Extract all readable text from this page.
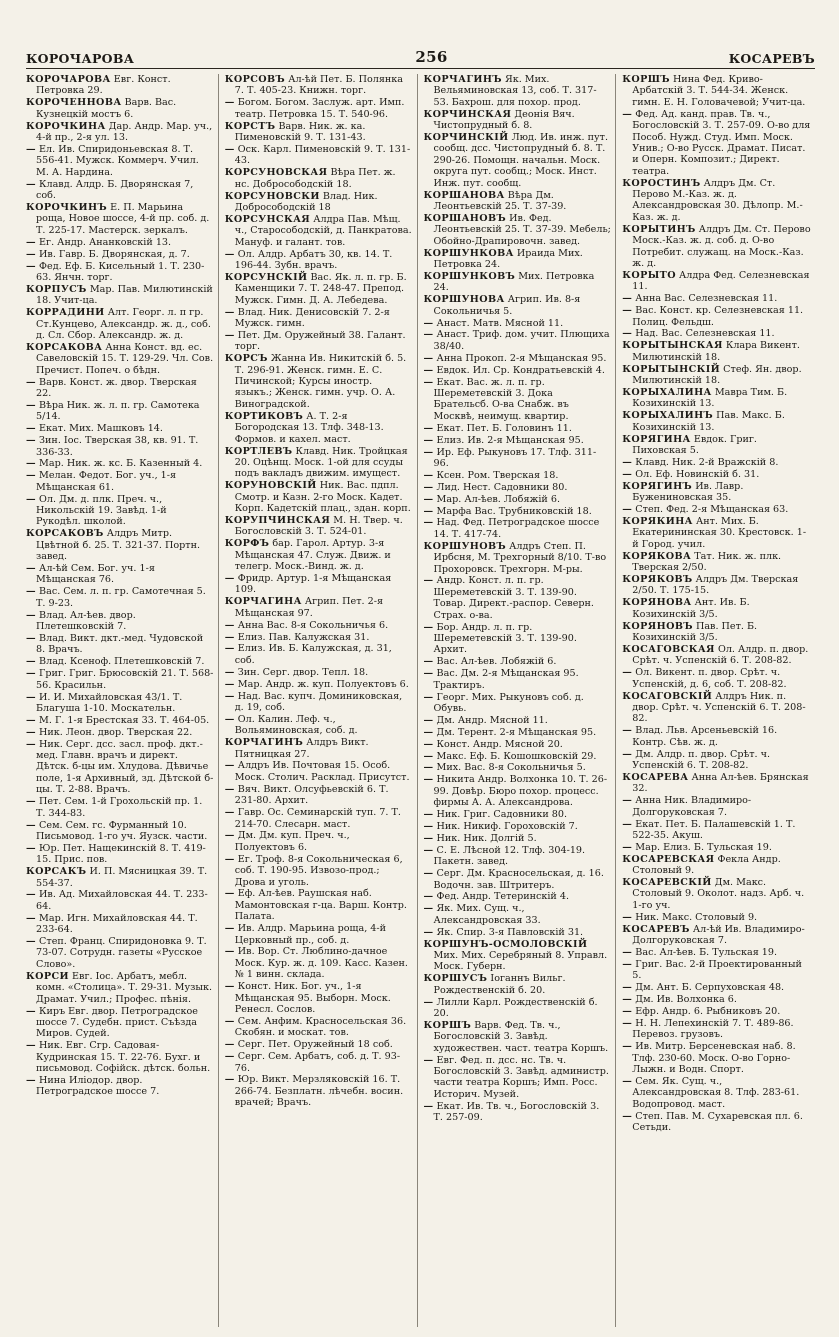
КОРОЧАРОВА	256	КОСАРЕВЪ
КОРОЧАРОВА Евг. Конст. Петровка 29.
КОРОЧЕННОВА Варв. Вас. Кузнецкій мостъ 6.
КОРОЧКИНА Дар. Андр. Мар. уч., 4-й пр., 2-я ул. 13.
— Ел. Ив. Спиридоньевская 8. Т. 556-41. Мужск. Коммерч. Учил. М. А. Нардина.
— Клавд. Алдр. Б. Дворянская 7, соб.
КОРОЧКИНЪ Е. П. Марьина роща, Новое шоссе, 4-й пр. соб. д. Т. 225-17. Мастерск. зеркалъ.
— Ег. Андр. Ананковскій 13.
— Ив. Гавр. Б. Дворянская, д. 7.
— Фед. Еф. Б. Кисельный 1. Т. 230-63. Янчн. торг.
КОРПУСЪ Мар. Пав. Милютинскій 18. Учит-ца.
КОРРАДИНИ Алт. Георг. л. п гр. Ст.Кунцево, Александр. ж. д., соб. д. Сл. Сбор. Александр. ж. д.
КОРСАКОВА Анна Конст. вд. ес. Савеловскій 15. Т. 129-29. Чл. Сов. Пречист. Попеч. о бѣдн.
— Варв. Конст. ж. двор. Тверская 22.
— Вѣра Ник. ж. л. п. гр. Самотека 5/14.
— Екат. Мих. Машковъ 14.
— Зин. Іос. Тверская 38, кв. 91. Т. 336-33.
— Мар. Ник. ж. кс. Б. Казенный 4.
— Мелан. Федот. Бог. уч., 1-я Мѣщанская 61.
— Ол. Дм. д. плк. Преч. ч., Никольскій 19. Завѣд. 1-й Рукодѣл. школой.
КОРСАКОВЪ Алдръ Митр. Цвѣтной б. 25. Т. 321-37. Портн. завед.
— Ал-ѣй Сем. Бог. уч. 1-я Мѣщанская 76.
— Вас. Сем. л. п. гр. Самотечная 5. Т. 9-23.
— Влад. Ал-ѣев. двор. Плетешковскій 7.
— Влад. Викт. дкт.-мед. Чудовской 8. Врачъ.
— Влад. Ксеноф. Плетешковскій 7.
— Григ. Григ. Брюсовскій 21. Т. 568-56. Красильн.
— И. И. Михайловская 43/1. Т. Благуша 1-10. Москательн.
— М. Г. 1-я Брестская 33. Т. 464-05.
— Ник. Леон. двор. Тверская 22.
— Ник. Серг. дсс. засл. проф. дкт.-мед. Главн. врачъ и директ. Дѣтск. б-цы им. Хлудова. Дѣвичье поле, 1-я Архивный, зд. Дѣтской б-цы. Т. 2-88. Врачъ.
— Пет. Сем. 1-й Грохольскій пр. 1. Т. 344-83.
— Сем. Сем. гс. Фурманный 10. Письмовод. 1-го уч. Яузск. части.
— Юр. Пет. Нащекинскій 8. Т. 419-15. Прис. пов.
КОРСАКЪ И. П. Мясницкая 39. Т. 554-37.
— Ив. Ад. Михайловская 44. Т. 233-64.
— Мар. Игн. Михайловская 44. Т. 233-64.
— Степ. Франц. Спиридоновка 9. Т. 73-07. Сотрудн. газеты «Русское Слово».
КОРСИ Евг. Іос. Арбатъ, мебл. комн. «Столица». Т. 29-31. Музык. Драмат. Учил.; Профес. пѣнія.
— Киръ Евг. двор. Петроградское шоссе 7. Судебн. прист. Съѣзда Миров. Судей.
— Ник. Евг. Сгр. Садовая-Кудринская 15. Т. 22-76. Бухг. и письмовод. Софійск. дѣтск. больн.
— Нина Иліодор. двор. Петроградское шоссе 7.
КОРСОВЪ Ал-ѣй Пет. Б. Полянка 7. Т. 405-23. Книжн. торг.
— Богом. Богом. Заслуж. арт. Имп. театр. Петровка 15. Т. 540-96.
КОРСТЪ Варв. Ник. ж. ка. Пименовскій 9. Т. 131-43.
— Оск. Карл. Пименовскій 9. Т. 131-43.
КОРСУНОВСКАЯ Вѣра Пет. ж. нс. Добросободскій 18.
КОРСУНОВСКИ Влад. Ник. Добросободскій 18
КОРСУНСКАЯ Алдра Пав. Мѣщ. ч., Старосободскій, д. Панкратова. Мануф. и галант. тов.
— Ол. Алдр. Арбатъ 30, кв. 14. Т. 196-44. Зубн. врачъ.
КОРСУНСКІЙ Вас. Як. л. п. гр. Б. Каменщики 7. Т. 248-47. Препод. Мужск. Гимн. Д. А. Лебедева.
— Влад. Ник. Денисовскій 7. 2-я Мужск. гимн.
— Пет. Дм. Оружейный 38. Галант. торг.
КОРСЪ Жанна Ив. Никитскій б. 5. Т. 296-91. Женск. гимн. Е. С. Пичинской; Курсы иностр. языкъ.; Женск. гимн. учр. О. А. Виноградской.
КОРТИКОВЪ А. Т. 2-я Богородская 13. Тлф. 348-13. Формов. и кахел. маст.
КОРТЛЕВЪ Клавд. Ник. Тройцкая 20. Оцѣнщ. Моск. 1-ой для ссуды подъ вакладъ движим. имущест.
КОРУНОВСКІЙ Ник. Вас. пдпл. Смотр. и Казн. 2-го Моск. Кадет. Корп. Кадетскій плац., здан. корп.
КОРУПЧИНСКАЯ М. Н. Твер. ч. Богословскій 3. Т. 524-01.
КОРФЪ бар. Гарол. Артур. 3-я Мѣщанская 47. Служ. Движ. и телегр. Моск.-Винд. ж. д.
— Фридр. Артур. 1-я Мѣщанская 109.
КОРЧАГИНА Агрип. Пет. 2-я Мѣщанская 97.
— Анна Вас. 8-я Сокольничья 6.
— Елиз. Пав. Калужская 31.
— Елиз. Ив. Б. Калужская, д. 31, соб.
— Зин. Серг. двор. Тепл. 18.
— Мар. Андр. ж. куп. Полуектовъ 6.
— Над. Вас. купч. Доминиковская, д. 19, соб.
— Ол. Калин. Леф. ч., Вольяминовская, соб. д.
КОРЧАГИНЪ Алдръ Викт. Пятницкая 27.
— Алдръ Ив. Почтовая 15. Особ. Моск. Столич. Расклад. Присутст.
— Вяч. Викт. Олсуфьевскій 6. Т. 231-80. Архит.
— Гавр. Ос. Семинарскій туп. 7. Т. 214-70. Слесарн. маст.
— Дм. Дм. куп. Преч. ч., Полуектовъ 6.
— Ег. Троф. 8-я Сокольническая 6, соб. Т. 190-95. Извозо-прод.; Дрова и уголь.
— Еф. Ал-ѣев. Раушская наб. Мамонтовская г-ца. Варш. Контр. Палата.
— Ив. Алдр. Марьина роща, 4-й Церковный пр., соб. д.
— Ив. Вор. Ст. Люблино-дачное Моск. Кур. ж. д. 109. Касс. Казен. № 1 винн. склада.
— Конст. Ник. Бог. уч., 1-я Мѣщанская 95. Выборн. Моск. Ренесл. Сослов.
— Сем. Анфим. Красносельская 36. Скобян. и москат. тов.
— Серг. Пет. Оружейный 18 соб.
— Серг. Сем. Арбатъ, соб. д. Т. 93-76.
— Юр. Викт. Мерзляковскій 16. Т. 266-74. Безплатн. лѣчебн. восин. врачей; Врачъ.
КОРЧАГИНЪ Як. Мих. Вельяминовская 13, соб. Т. 317-53. Бахрош. для похор. прод.
КОРЧИНСКАЯ Деонія Вяч. Чистопрудный б. 8.
КОРЧИНСКІЙ Люд. Ив. инж. пут. сообщ. дсс. Чистопрудный б. 8. Т. 290-26. Помощн. начальн. Моск. округа пут. сообщ.; Моск. Инст. Инж. пут. сообщ.
КОРШАНОВА Вѣра Дм. Леонтьевскій 25. Т. 37-39.
КОРШАНОВЪ Ив. Фед. Леонтьевскій 25. Т. 37-39. Мебель; Обойно-Драпировочн. завед.
КОРШУНКОВА Ираида Мих. Петровка 24.
КОРШУНКОВЪ Мих. Петровка 24.
КОРШУНОВА Агрип. Ив. 8-я Сокольничья 5.
— Анаст. Матв. Мясной 11.
— Анаст. Триф. дом. учит. Плющиха 38/40.
— Анна Прокоп. 2-я Мѣщанская 95.
— Евдок. Ил. Ср. Кондратьевскій 4.
— Екат. Вас. ж. л. п. гр. Шереметевскій 3. Дока Брательсб. О-ва Снабж. въ Москвѣ, неимущ. квартир.
— Екат. Пет. Б. Головинъ 11.
— Елиз. Ив. 2-я Мѣщанская 95.
— Ир. Еф. Рыкуновъ 17. Тлф. 311-96.
— Ксен. Ром. Тверская 18.
— Лид. Нест. Садовники 80.
— Мар. Ал-ѣев. Лобяжій 6.
— Марфа Вас. Трубниковскій 18.
— Над. Фед. Петроградское шоссе 14. Т. 417-74.
КОРШУНОВЪ Алдръ Степ. П. Ирбсня, М. Трехгорный 8/10. Т-во Прохоровск. Трехгорн. М-ры.
— Андр. Конст. л. п. гр. Шереметевскій 3. Т. 139-90. Товар. Директ.-распор. Северн. Страх. о-ва.
— Бор. Андр. л. п. гр. Шереметевскій 3. Т. 139-90. Архит.
— Вас. Ал-ѣев. Лобяжій 6.
— Вас. Дм. 2-я Мѣщанская 95. Трактиръ.
— Георг. Мих. Рыкуновъ соб. д. Обувь.
— Дм. Андр. Мясной 11.
— Дм. Терент. 2-я Мѣщанская 95.
— Конст. Андр. Мясной 20.
— Макс. Еф. Б. Кошошковскій 29.
— Мих. Вас. 8-я Сокольничья 5.
— Никита Андр. Волхонка 10. Т. 26-99. Довѣр. Бюро похор. процесс. фирмы А. А. Александрова.
— Ник. Григ. Садовники 80.
— Ник. Никиф. Гороховскій 7.
— Ник. Ник. Долгій 5.
— С. Е. Лѣсной 12. Тлф. 304-19. Пакетн. завед.
— Серг. Дм. Красносельская, д. 16. Водочн. зав. Штритеръ.
— Фед. Андр. Тетеринскій 4.
— Як. Мих. Сущ. ч., Александровская 33.
— Як. Спир. 3-я Павловскій 31.
КОРШУНЪ-ОСМОЛОВСКІЙ Мих. Мих. Серебряный 8. Управл. Моск. Губерн.
КОРШУСЪ Іоганнъ Вильг. Рождественскій б. 20.
— Лилли Карл. Рождественскій б. 20.
КОРШЪ Варв. Фед. Тв. ч., Богословскій 3. Завѣд. художествен. част. театра Коршъ.
— Евг. Фед. п. дсс. нс. Тв. ч. Богословскій 3. Завѣд. администр. части театра Коршъ; Имп. Росс. Историч. Музей.
— Екат. Ив. Тв. ч., Богословскій 3. Т. 257-09.
КОРШЪ Нина Фед. Криво-Арбатскій 3. Т. 544-34. Женск. гимн. Е. Н. Головачевой; Учит-ца.
— Фед. Ад. канд. прав. Тв. ч., Богословскій 3. Т. 257-09. О-во для Пособ. Нужд. Студ. Имп. Моск. Унив.; О-во Русск. Драмат. Писат. и Оперн. Композит.; Директ. театра.
КОРОСТИНЪ Алдръ Дм. Ст. Перово М.-Каз. ж. д. Александровская 30. Дѣлопр. М.-Каз. ж. д.
КОРЫТИНЪ Алдръ Дм. Ст. Перово Моск.-Каз. ж. д. соб. д. О-во Потребит. служащ. на Моск.-Каз. ж. д.
КОРЫТО Алдра Фед. Селезневская 11.
— Анна Вас. Селезневская 11.
— Вас. Конст. кр. Селезневская 11. Полиц. Фельдш.
— Над. Вас. Селезневская 11.
КОРЫТЫНСКАЯ Клара Викент. Милютинскій 18.
КОРЫТЫНСКІЙ Стеф. Ян. двор. Милютинскій 18.
КОРЫХАЛИНА Мавра Тим. Б. Козихинскій 13.
КОРЫХАЛИНЪ Пав. Макс. Б. Козихинскій 13.
КОРЯГИНА Евдок. Григ. Пиховская 5.
— Клавд. Ник. 2-й Вражскій 8.
— Ол. Еф. Новинскій б. 31.
КОРЯГИНЪ Ив. Лавр. Бужениновская 35.
— Степ. Фед. 2-я Мѣщанская 63.
КОРЯКИНА Ант. Мих. Б. Екатерининская 30. Крестовск. 1-й Город. учил.
КОРЯКОВА Тат. Ник. ж. плк. Тверская 2/50.
КОРЯКОВЪ Алдръ Дм. Тверская 2/50. Т. 175-15.
КОРЯНОВА Ант. Ив. Б. Козихинскій 3/5.
КОРЯНОВЪ Пав. Пет. Б. Козихинскій 3/5.
КОСАГОВСКАЯ Ол. Алдр. п. двор. Срѣт. ч. Успенскій 6. Т. 208-82.
— Ол. Викент. п. двор. Срѣт. ч. Успенскій, д. 6, соб. Т. 208-82.
КОСАГОВСКІЙ Алдръ Ник. п. двор. Срѣт. ч. Успенскій 6. Т. 208-82.
— Влад. Льв. Арсеньевскій 16. Контр. Сѣв. ж. д.
— Дм. Алдр. п. двор. Срѣт. ч. Успенскій 6. Т. 208-82.
КОСАРЕВА Анна Ал-ѣев. Брянская 32.
— Анна Ник. Владимиро-Долгоруковская 7.
— Екат. Пет. Б. Палашевскій 1. Т. 522-35. Акуш.
— Мар. Елиз. Б. Тульская 19.
КОСАРЕВСКАЯ Фекла Андр. Столовый 9.
КОСАРЕВСКІЙ Дм. Макс. Столовый 9. Околот. надз. Арб. ч. 1-го уч.
— Ник. Макс. Столовый 9.
КОСАРЕВЪ Ал-ѣй Ив. Владимиро-Долгоруковская 7.
— Вас. Ал-ѣев. Б. Тульская 19.
— Григ. Вас. 2-й Проектированный 5.
— Дм. Ант. Б. Серпуховская 48.
— Дм. Ив. Волхонка 6.
— Ефр. Андр. 6. Рыбниковъ 20.
— Н. Н. Лепехинскій 7. Т. 489-86. Перевоз. грузовъ.
— Ив. Митр. Берсеневская наб. 8. Тлф. 230-60. Моск. О-во Горно-Лыжн. и Водн. Спорт.
— Сем. Як. Сущ. ч., Александровская 8. Тлф. 283-61. Водопровод. маст.
— Степ. Пав. М. Сухаревская пл. 6. Сетьди.
